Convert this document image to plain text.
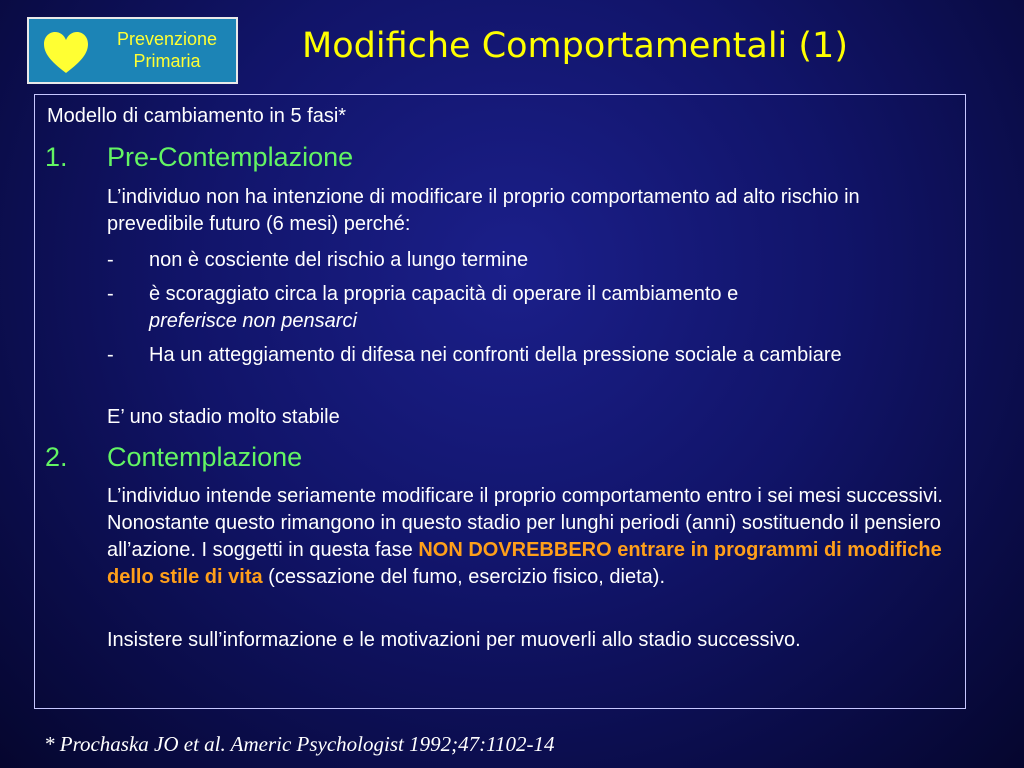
Prevenzione
Primaria	Modifiche Comportamentali (1)
Modello di cambiamento in 5 fasi*
1. Pre-Contemplazione
L’individuo non ha intenzione di modificare il proprio comportamento ad alto rischio in prevedibile futuro (6 mesi) perché:
- non è cosciente del rischio a lungo termine
- è scoraggiato circa la propria capacità di operare il cambiamento e
preferisce non pensarci
- Ha un atteggiamento di difesa nei confronti della pressione sociale a cambiare
E’ uno stadio molto stabile
2. Contemplazione
L’individuo intende seriamente modificare il proprio comportamento entro i sei mesi successivi. Nonostante questo rimangono in questo stadio per lunghi periodi (anni) sostituendo il pensiero all’azione. I soggetti in questa fase NON DOVREBBERO entrare in programmi di modifiche dello stile di vita (cessazione del fumo, esercizio fisico, dieta).
Insistere sull’informazione e le motivazioni per muoverli allo stadio successivo.
* Prochaska JO et al. Americ Psychologist 1992;47:1102-14
